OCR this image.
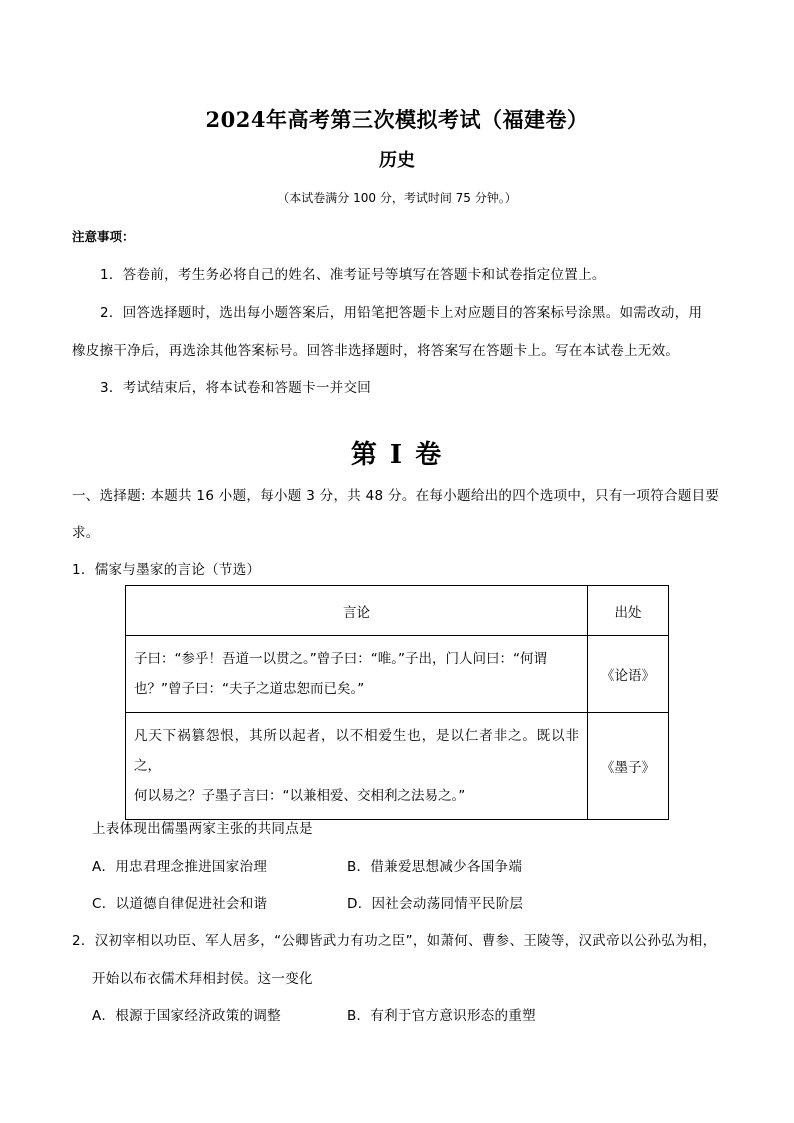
2024年高考第三次模拟考试（福建卷）
历史
（本试卷满分 100 分，考试时间 75 分钟。）
注意事项：
1．答卷前，考生务必将自己的姓名、准考证号等填写在答题卡和试卷指定位置上。
2．回答选择题时，选出每小题答案后，用铅笔把答题卡上对应题目的答案标号涂黑。如需改动，用
橡皮擦干净后，再选涂其他答案标号。回答非选择题时，将答案写在答题卡上。写在本试卷上无效。
3．考试结束后，将本试卷和答题卡一并交回
第 I 卷
一、选择题: 本题共 16 小题，每小题 3 分，共 48 分。在每小题给出的四个选项中，只有一项符合题目要
求。
1．儒家与墨家的言论（节选）
言论	出处

子曰：“参乎！吾道一以贯之。”曾子曰：“唯。”子出，门人问曰：“何谓
也？”曾子曰：“夫子之道忠恕而已矣。”	《论语》

凡天下祸篡怨恨，其所以起者，以不相爱生也，是以仁者非之。既以非之，
何以易之？子墨子言曰：“以兼相爱、交相利之法易之。”	《墨子》
上表体现出儒墨两家主张的共同点是
A．用忠君理念推进国家治理	B．借兼爱思想减少各国争端
C．以道德自律促进社会和谐	D．因社会动荡同情平民阶层
2．汉初宰相以功臣、军人居多，“公卿皆武力有功之臣”，如萧何、曹参、王陵等，汉武帝以公孙弘为相，
开始以布衣儒术拜相封侯。这一变化
A．根源于国家经济政策的调整	B．有利于官方意识形态的重塑
